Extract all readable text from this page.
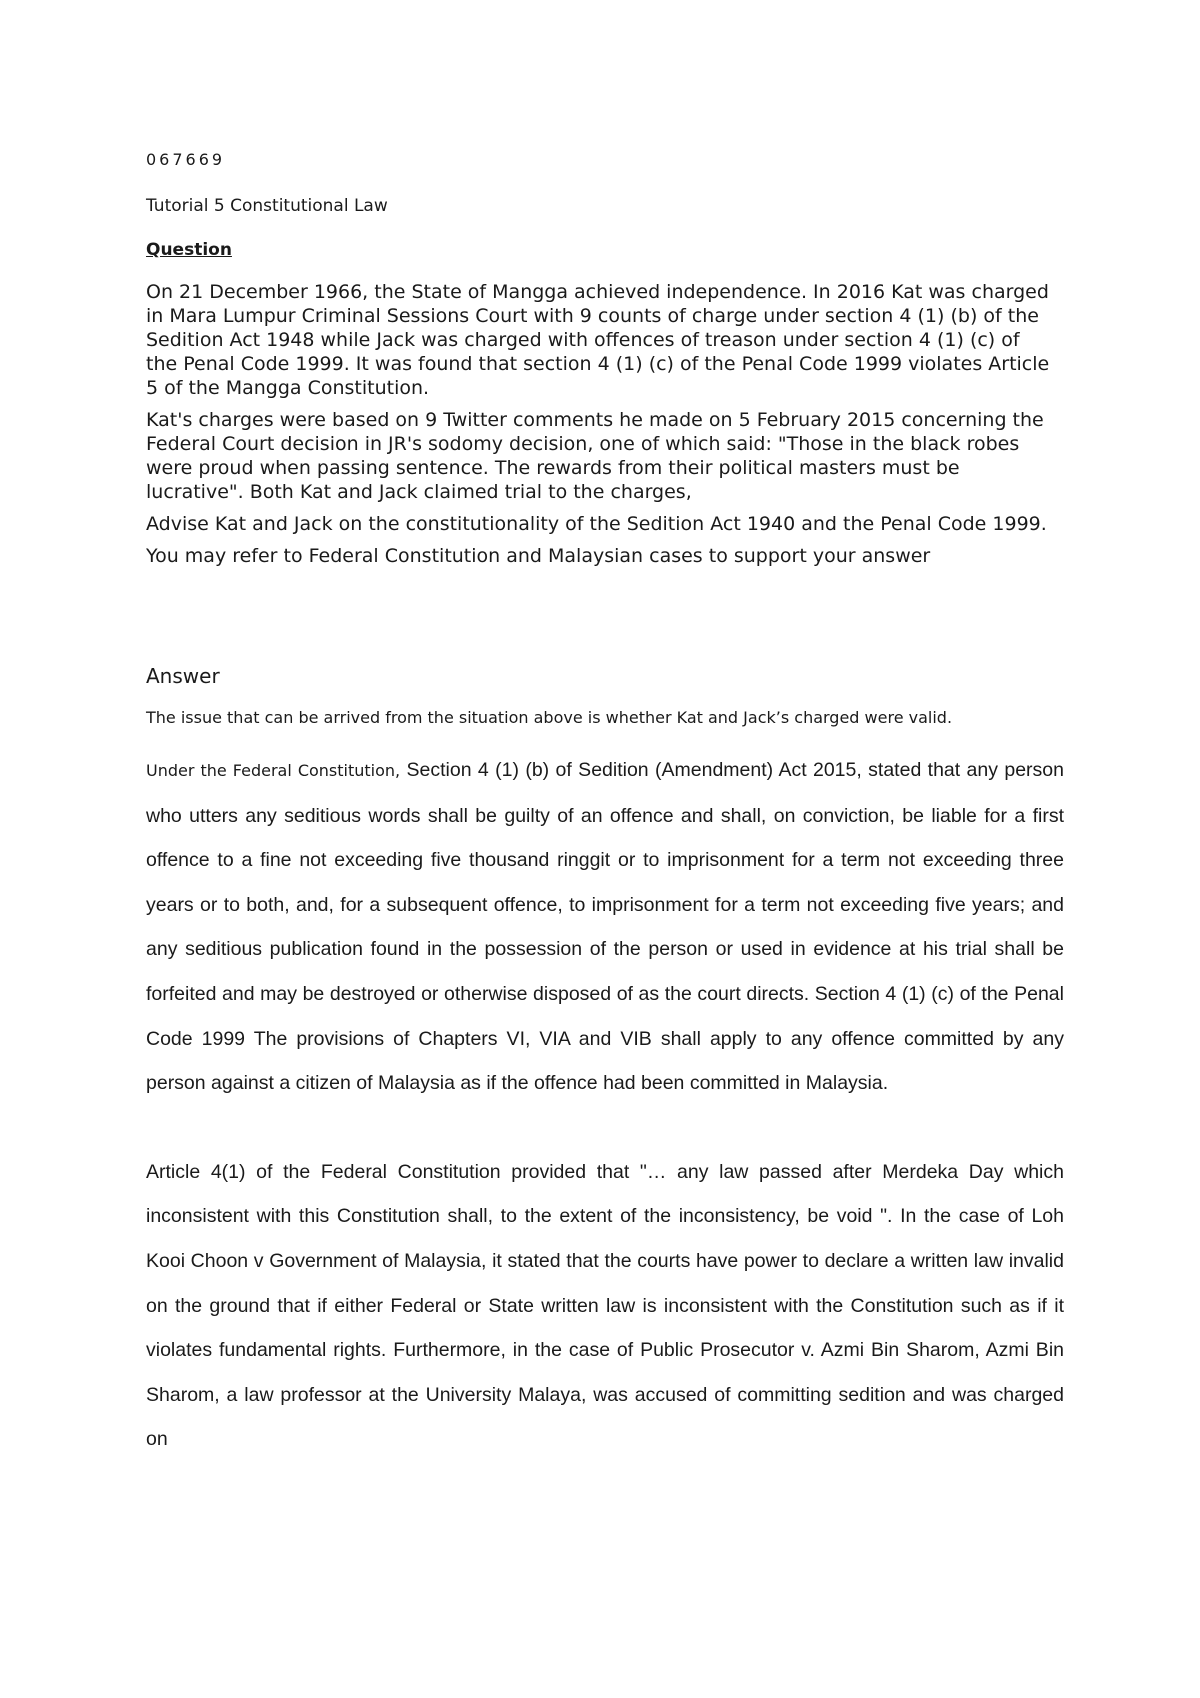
067669

Tutorial 5 Constitutional Law

Question

On 21 December 1966, the State of Mangga achieved independence. In 2016 Kat was charged in Mara Lumpur Criminal Sessions Court with 9 counts of charge under section 4 (1) (b) of the Sedition Act 1948 while Jack was charged with offences of treason under section 4 (1) (c) of the Penal Code 1999. It was found that section 4 (1) (c) of the Penal Code 1999 violates Article 5 of the Mangga Constitution.

Kat's charges were based on 9 Twitter comments he made on 5 February 2015 concerning the Federal Court decision in JR's sodomy decision, one of which said: "Those in the black robes were proud when passing sentence. The rewards from their political masters must be lucrative". Both Kat and Jack claimed trial to the charges,

Advise Kat and Jack on the constitutionality of the Sedition Act 1940 and the Penal Code 1999.

You may refer to Federal Constitution and Malaysian cases to support your answer

Answer

The issue that can be arrived from the situation above is whether Kat and Jack’s charged were valid.

Under the Federal Constitution, Section 4 (1) (b) of Sedition (Amendment) Act 2015, stated that any person who utters any seditious words shall be guilty of an offence and shall, on conviction, be liable for a first offence to a fine not exceeding five thousand ringgit or to imprisonment for a term not exceeding three years or to both, and, for a subsequent offence, to imprisonment for a term not exceeding five years; and any seditious publication found in the possession of the person or used in evidence at his trial shall be forfeited and may be destroyed or otherwise disposed of as the court directs. Section 4 (1) (c) of the Penal Code 1999 The provisions of Chapters VI, VIA and VIB shall apply to any offence committed by any person against a citizen of Malaysia as if the offence had been committed in Malaysia.

Article 4(1) of the Federal Constitution provided that "… any law passed after Merdeka Day which inconsistent with this Constitution shall, to the extent of the inconsistency, be void ". In the case of Loh Kooi Choon v Government of Malaysia, it stated that the courts have power to declare a written law invalid on the ground that if either Federal or State written law is inconsistent with the Constitution such as if it violates fundamental rights. Furthermore, in the case of Public Prosecutor v. Azmi Bin Sharom, Azmi Bin Sharom, a law professor at the University Malaya, was accused of committing sedition and was charged on
